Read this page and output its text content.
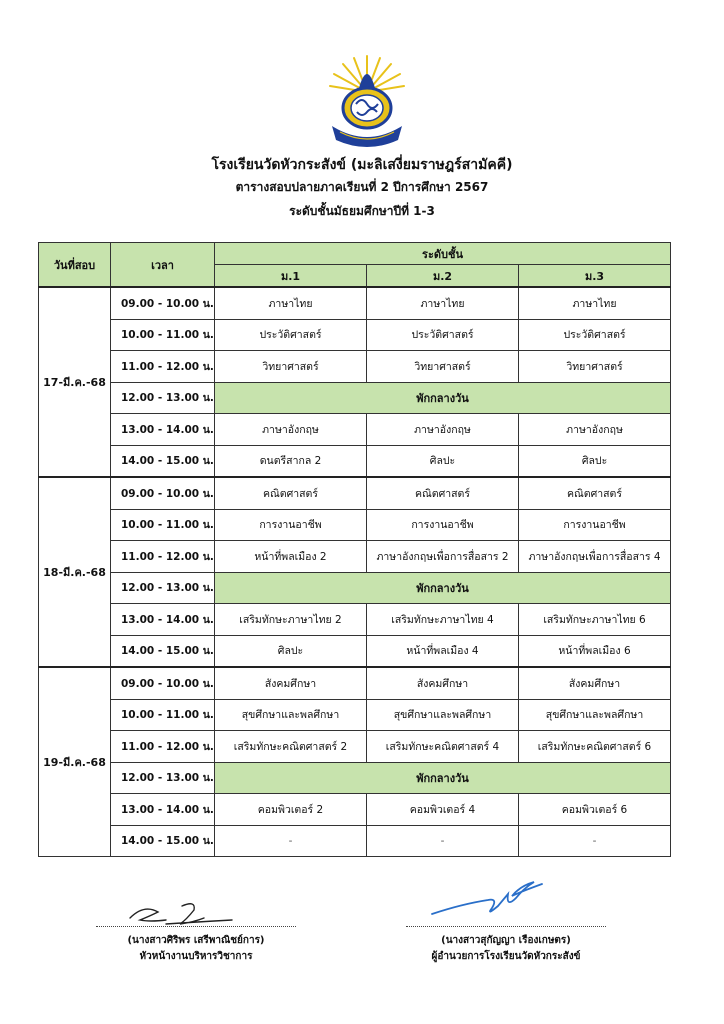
โรงเรียนวัดหัวกระสังข์ (มะลิเสงี่ยมราษฎร์สามัคคี)
ตารางสอบปลายภาคเรียนที่ 2 ปีการศึกษา 2567
ระดับชั้นมัธยมศึกษาปีที่ 1-3
วันที่สอบ	เวลา	ระดับชั้น		
		ม.1	ม.2	ม.3
17-มี.ค.-68	09.00 - 10.00 น.	ภาษาไทย	ภาษาไทย	ภาษาไทย
	10.00 - 11.00 น.	ประวัติศาสตร์	ประวัติศาสตร์	ประวัติศาสตร์
	11.00 - 12.00 น.	วิทยาศาสตร์	วิทยาศาสตร์	วิทยาศาสตร์
	12.00 - 13.00 น.	พักกลางวัน		
	13.00 - 14.00 น.	ภาษาอังกฤษ	ภาษาอังกฤษ	ภาษาอังกฤษ
	14.00 - 15.00 น.	ดนตรีสากล 2	ศิลปะ	ศิลปะ
18-มี.ค.-68	09.00 - 10.00 น.	คณิตศาสตร์	คณิตศาสตร์	คณิตศาสตร์
	10.00 - 11.00 น.	การงานอาชีพ	การงานอาชีพ	การงานอาชีพ
	11.00 - 12.00 น.	หน้าที่พลเมือง 2	ภาษาอังกฤษเพื่อการสื่อสาร 2	ภาษาอังกฤษเพื่อการสื่อสาร 4
	12.00 - 13.00 น.	พักกลางวัน		
	13.00 - 14.00 น.	เสริมทักษะภาษาไทย 2	เสริมทักษะภาษาไทย 4	เสริมทักษะภาษาไทย 6
	14.00 - 15.00 น.	ศิลปะ	หน้าที่พลเมือง 4	หน้าที่พลเมือง 6
19-มี.ค.-68	09.00 - 10.00 น.	สังคมศึกษา	สังคมศึกษา	สังคมศึกษา
	10.00 - 11.00 น.	สุขศึกษาและพลศึกษา	สุขศึกษาและพลศึกษา	สุขศึกษาและพลศึกษา
	11.00 - 12.00 น.	เสริมทักษะคณิตศาสตร์ 2	เสริมทักษะคณิตศาสตร์ 4	เสริมทักษะคณิตศาสตร์ 6
	12.00 - 13.00 น.	พักกลางวัน		
	13.00 - 14.00 น.	คอมพิวเตอร์ 2	คอมพิวเตอร์ 4	คอมพิวเตอร์ 6
	14.00 - 15.00 น.	-	-	-
(นางสาวศิริพร เสรีพาณิชย์การ)
หัวหน้างานบริหารวิชาการ
(นางสาวสุกัญญา เรืองเกษตร)
ผู้อำนวยการโรงเรียนวัดหัวกระสังข์
